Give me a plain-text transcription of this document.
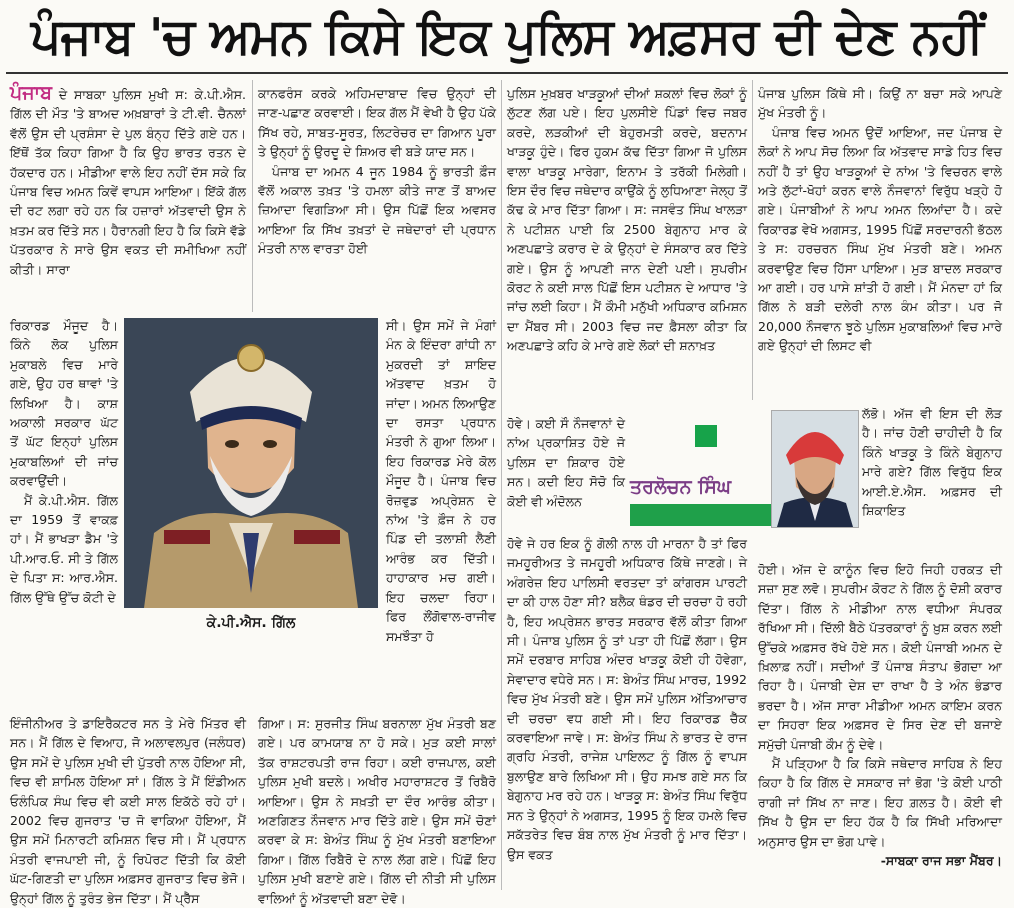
ਪੰਜਾਬ 'ਚ ਅਮਨ ਕਿਸੇ ਇਕ ਪੁਲਿਸ ਅਫ਼ਸਰ ਦੀ ਦੇਣ ਨਹੀਂ

ਪੰਜਾਬ ਦੇ ਸਾਬਕਾ ਪੁਲਿਸ ਮੁਖੀ ਸ: ਕੇ.ਪੀ.ਐਸ. ਗਿੱਲ ਦੀ ਮੌਤ 'ਤੇ ਬਾਅਦ ਅਖ਼ਬਾਰਾਂ ਤੇ ਟੀ.ਵੀ. ਚੈਨਲਾਂ ਵੱਲੋਂ ਉਸ ਦੀ ਪ੍ਰਸ਼ੰਸਾ ਦੇ ਪੁਲ ਬੰਨ੍ਹ ਦਿੱਤੇ ਗਏ ਹਨ। ਇੱਥੋਂ ਤੱਕ ਕਿਹਾ ਗਿਆ ਹੈ ਕਿ ਉਹ ਭਾਰਤ ਰਤਨ ਦੇ ਹੱਕਦਾਰ ਹਨ। ਮੀਡੀਆ ਵਾਲੇ ਇਹ ਨਹੀਂ ਦੱਸ ਸਕੇ ਕਿ ਪੰਜਾਬ ਵਿਚ ਅਮਨ ਕਿਵੇਂ ਵਾਪਸ ਆਇਆ। ਇੱਕੋ ਗੱਲ ਦੀ ਰਟ ਲਗਾ ਰਹੇ ਹਨ ਕਿ ਹਜ਼ਾਰਾਂ ਅੱਤਵਾਦੀ ਉਸ ਨੇ ਖ਼ਤਮ ਕਰ ਦਿੱਤੇ ਸਨ। ਹੈਰਾਨਗੀ ਇਹ ਹੈ ਕਿ ਕਿਸੇ ਵੱਡੇ ਪੱਤਰਕਾਰ ਨੇ ਸਾਰੇ ਉਸ ਵਕਤ ਦੀ ਸਮੀਖਿਆ ਨਹੀਂ ਕੀਤੀ। ਸਾਰਾ

ਰਿਕਾਰਡ ਮੌਜੂਦ ਹੈ। ਕਿੰਨੇ ਲੋਕ ਪੁਲਿਸ ਮੁਕਾਬਲੇ ਵਿਚ ਮਾਰੇ ਗਏ, ਉਹ ਹਰ ਥਾਵਾਂ 'ਤੇ ਲਿਖਿਆ ਹੈ। ਕਾਸ਼ ਅਕਾਲੀ ਸਰਕਾਰ ਘੱਟ ਤੋਂ ਘੱਟ ਇਨ੍ਹਾਂ ਪੁਲਿਸ ਮੁਕਾਬਲਿਆਂ ਦੀ ਜਾਂਚ ਕਰਵਾਉਂਦੀ।

ਮੈਂ ਕੇ.ਪੀ.ਐਸ. ਗਿੱਲ ਦਾ 1959 ਤੋਂ ਵਾਕਫ਼ ਹਾਂ। ਮੈਂ ਭਾਖੜਾ ਡੈਮ 'ਤੇ ਪੀ.ਆਰ.ਓ. ਸੀ ਤੇ ਗਿੱਲ ਦੇ ਪਿਤਾ ਸ: ਆਰ.ਐਸ. ਗਿੱਲ ਉੱਥੇ ਉੱਚ ਕੋਟੀ ਦੇ

ਇੰਜੀਨੀਅਰ ਤੇ ਡਾਇਰੈਕਟਰ ਸਨ ਤੇ ਮੇਰੇ ਮਿੱਤਰ ਵੀ ਸਨ। ਮੈਂ ਗਿੱਲ ਦੇ ਵਿਆਹ, ਜੋ ਅਲਾਵਲਪੁਰ (ਜਲੰਧਰ) ਉਸ ਸਮੇਂ ਦੇ ਪੁਲਿਸ ਮੁਖੀ ਦੀ ਪੁੱਤਰੀ ਨਾਲ ਹੋਇਆ ਸੀ, ਵਿਚ ਵੀ ਸ਼ਾਮਿਲ ਹੋਇਆ ਸਾਂ। ਗਿੱਲ ਤੇ ਮੈਂ ਇੰਡੀਅਨ ਓਲੰਪਿਕ ਸੰਘ ਵਿਚ ਵੀ ਕਈ ਸਾਲ ਇਕੱਠੇ ਰਹੇ ਹਾਂ। 2002 ਵਿਚ ਗੁਜਰਾਤ 'ਚ ਜੋ ਵਾਕਿਆ ਹੋਇਆ, ਮੈਂ ਉਸ ਸਮੇਂ ਮਿਨਾਰਟੀ ਕਮਿਸ਼ਨ ਵਿਚ ਸੀ। ਮੈਂ ਪ੍ਰਧਾਨ ਮੰਤਰੀ ਵਾਜਪਾਈ ਜੀ, ਨੂੰ ਰਿਪੋਰਟ ਦਿੱਤੀ ਕਿ ਕੋਈ ਘੱਟ-ਗਿਣਤੀ ਦਾ ਪੁਲਿਸ ਅਫ਼ਸਰ ਗੁਜਰਾਤ ਵਿਚ ਭੇਜੋ। ਉਨ੍ਹਾਂ ਗਿੱਲ ਨੂੰ ਤੁਰੰਤ ਭੇਜ ਦਿੱਤਾ। ਮੈਂ ਪ੍ਰੈੱਸ

ਕਾਨਫਰੰਸ ਕਰਕੇ ਅਹਿਮਦਾਬਾਦ ਵਿਚ ਉਨ੍ਹਾਂ ਦੀ ਜਾਣ-ਪਛਾਣ ਕਰਵਾਈ। ਇਕ ਗੱਲ ਮੈਂ ਵੇਖੀ ਹੈ ਉਹ ਪੱਕੇ ਸਿੱਖ ਰਹੇ, ਸਾਬਤ-ਸੂਰਤ, ਲਿਟਰੇਚਰ ਦਾ ਗਿਆਨ ਪੂਰਾ ਤੇ ਉਨ੍ਹਾਂ ਨੂੰ ਉਰਦੂ ਦੇ ਸ਼ਿਅਰ ਵੀ ਬੜੇ ਯਾਦ ਸਨ।

ਪੰਜਾਬ ਦਾ ਅਮਨ 4 ਜੂਨ 1984 ਨੂੰ ਭਾਰਤੀ ਫ਼ੌਜ ਵੱਲੋਂ ਅਕਾਲ ਤਖ਼ਤ 'ਤੇ ਹਮਲਾ ਕੀਤੇ ਜਾਣ ਤੋਂ ਬਾਅਦ ਜ਼ਿਆਦਾ ਵਿਗੜਿਆ ਸੀ। ਉਸ ਪਿੱਛੋਂ ਇਕ ਅਵਸਰ ਆਇਆ ਕਿ ਸਿੱਖ ਤਖ਼ਤਾਂ ਦੇ ਜਥੇਦਾਰਾਂ ਦੀ ਪ੍ਰਧਾਨ ਮੰਤਰੀ ਨਾਲ ਵਾਰਤਾ ਹੋਈ

ਸੀ। ਉਸ ਸਮੇਂ ਜੇ ਮੰਗਾਂ ਮੰਨ ਕੇ ਇੰਦਰਾ ਗਾਂਧੀ ਨਾ ਮੁਕਰਦੀ ਤਾਂ ਸ਼ਾਇਦ ਅੱਤਵਾਦ ਖ਼ਤਮ ਹੋ ਜਾਂਦਾ। ਅਮਨ ਲਿਆਉਣ ਦਾ ਰਸਤਾ ਪ੍ਰਧਾਨ ਮੰਤਰੀ ਨੇ ਗੁਆ ਲਿਆ। ਇਹ ਰਿਕਾਰਡ ਮੇਰੇ ਕੋਲ ਮੌਜੂਦ ਹੈ। ਪੰਜਾਬ ਵਿਚ ਰੋਜ਼ਵੁਡ ਅਪ੍ਰੇਸ਼ਨ ਦੇ ਨਾਂਅ 'ਤੇ ਫ਼ੌਜ ਨੇ ਹਰ ਪਿੰਡ ਦੀ ਤਲਾਸ਼ੀ ਲੈਣੀ ਆਰੰਭ ਕਰ ਦਿੱਤੀ। ਹਾਹਾਕਾਰ ਮਚ ਗਈ। ਇਹ ਚਲਦਾ ਰਿਹਾ। ਫਿਰ ਲੌਂਗੋਵਾਲ-ਰਾਜੀਵ ਸਮਝੌਤਾ ਹੋ

ਗਿਆ। ਸ: ਸੁਰਜੀਤ ਸਿੰਘ ਬਰਨਾਲਾ ਮੁੱਖ ਮੰਤਰੀ ਬਣ ਗਏ। ਪਰ ਕਾਮਯਾਬ ਨਾ ਹੋ ਸਕੇ। ਮੁੜ ਕਈ ਸਾਲਾਂ ਤੱਕ ਰਾਸ਼ਟਰਪਤੀ ਰਾਜ ਰਿਹਾ। ਕਈ ਰਾਜਪਾਲ, ਕਈ ਪੁਲਿਸ ਮੁਖੀ ਬਦਲੇ। ਅਖੀਰ ਮਹਾਰਾਸ਼ਟਰ ਤੋਂ ਰਿਬੈਰੋ ਆਇਆ। ਉਸ ਨੇ ਸਖ਼ਤੀ ਦਾ ਦੌਰ ਆਰੰਭ ਕੀਤਾ। ਅਣਗਿਣਤ ਨੌਜਵਾਨ ਮਾਰ ਦਿੱਤੇ ਗਏ। ਉਸ ਸਮੇਂ ਚੋਣਾਂ ਕਰਵਾ ਕੇ ਸ: ਬੇਅੰਤ ਸਿੰਘ ਨੂੰ ਮੁੱਖ ਮੰਤਰੀ ਬਣਾਇਆ ਗਿਆ। ਗਿੱਲ ਰਿਬੈਰੋ ਦੇ ਨਾਲ ਲੱਗ ਗਏ। ਪਿੱਛੋਂ ਇਹ ਪੁਲਿਸ ਮੁਖੀ ਬਣਾਏ ਗਏ। ਗਿੱਲ ਦੀ ਨੀਤੀ ਸੀ ਪੁਲਿਸ ਵਾਲਿਆਂ ਨੂੰ ਅੱਤਵਾਦੀ ਬਣਾ ਦੇਵੋ।

ਕੇ.ਪੀ.ਐਸ. ਗਿੱਲ

ਪੁਲਿਸ ਮੁਖ਼ਬਰ ਖਾੜਕੂਆਂ ਦੀਆਂ ਸ਼ਕਲਾਂ ਵਿਚ ਲੋਕਾਂ ਨੂੰ ਲੁੱਟਣ ਲੱਗ ਪਏ। ਇਹ ਪੁਲਸੀਏ ਪਿੰਡਾਂ ਵਿਚ ਜਬਰ ਕਰਦੇ, ਲੜਕੀਆਂ ਦੀ ਬੇਹੁਰਮਤੀ ਕਰਦੇ, ਬਦਨਾਮ ਖਾੜਕੂ ਹੁੰਦੇ। ਫਿਰ ਹੁਕਮ ਕੱਢ ਦਿੱਤਾ ਗਿਆ ਜੋ ਪੁਲਿਸ ਵਾਲਾ ਖਾੜਕੂ ਮਾਰੇਗਾ, ਇਨਾਮ ਤੇ ਤਰੱਕੀ ਮਿਲੇਗੀ। ਇਸ ਦੌਰ ਵਿਚ ਜਥੇਦਾਰ ਕਾਉਂਕੇ ਨੂੰ ਲੁਧਿਆਣਾ ਜੇਲ੍ਹ ਤੋਂ ਕੱਢ ਕੇ ਮਾਰ ਦਿੱਤਾ ਗਿਆ। ਸ: ਜਸਵੰਤ ਸਿੰਘ ਖਾਲੜਾ ਨੇ ਪਟੀਸ਼ਨ ਪਾਈ ਕਿ 2500 ਬੇਗੁਨਾਹ ਮਾਰ ਕੇ ਅਣਪਛਾਤੇ ਕਰਾਰ ਦੇ ਕੇ ਉਨ੍ਹਾਂ ਦੇ ਸੰਸਕਾਰ ਕਰ ਦਿੱਤੇ ਗਏ। ਉਸ ਨੂੰ ਆਪਣੀ ਜਾਨ ਦੇਣੀ ਪਈ। ਸੁਪਰੀਮ ਕੋਰਟ ਨੇ ਕਈ ਸਾਲ ਪਿੱਛੋਂ ਇਸ ਪਟੀਸ਼ਨ ਦੇ ਆਧਾਰ 'ਤੇ ਜਾਂਚ ਲਈ ਕਿਹਾ। ਮੈਂ ਕੌਮੀ ਮਨੁੱਖੀ ਅਧਿਕਾਰ ਕਮਿਸ਼ਨ ਦਾ ਮੈਂਬਰ ਸੀ। 2003 ਵਿਚ ਜਦ ਫ਼ੈਸਲਾ ਕੀਤਾ ਕਿ ਅਣਪਛਾਤੇ ਕਹਿ ਕੇ ਮਾਰੇ ਗਏ ਲੋਕਾਂ ਦੀ ਸ਼ਨਾਖ਼ਤ

ਹੋਵੇ। ਕਈ ਸੌ ਨੌਜਵਾਨਾਂ ਦੇ ਨਾਂਅ ਪ੍ਰਕਾਸ਼ਿਤ ਹੋਏ ਜੋ ਪੁਲਿਸ ਦਾ ਸ਼ਿਕਾਰ ਹੋਏ ਸਨ। ਕਦੀ ਇਹ ਸੋਚੋ ਕਿ ਕੋਈ ਵੀ ਅੰਦੋਲਨ

ਹੋਵੇ ਜੇ ਹਰ ਇਕ ਨੂੰ ਗੋਲੀ ਨਾਲ ਹੀ ਮਾਰਨਾ ਹੈ ਤਾਂ ਫਿਰ ਜਮਹੂਰੀਅਤ ਤੇ ਜਮਹੂਰੀ ਅਧਿਕਾਰ ਕਿੱਥੇ ਜਾਣਗੇ। ਜੇ ਅੰਗਰੇਜ਼ ਇਹ ਪਾਲਿਸੀ ਵਰਤਦਾ ਤਾਂ ਕਾਂਗਰਸ ਪਾਰਟੀ ਦਾ ਕੀ ਹਾਲ ਹੋਣਾ ਸੀ? ਬਲੈਕ ਥੰਡਰ ਦੀ ਚਰਚਾ ਹੋ ਰਹੀ ਹੈ, ਇਹ ਅਪ੍ਰੇਸ਼ਨ ਭਾਰਤ ਸਰਕਾਰ ਵੱਲੋਂ ਕੀਤਾ ਗਿਆ ਸੀ। ਪੰਜਾਬ ਪੁਲਿਸ ਨੂੰ ਤਾਂ ਪਤਾ ਹੀ ਪਿੱਛੋਂ ਲੱਗਾ। ਉਸ ਸਮੇਂ ਦਰਬਾਰ ਸਾਹਿਬ ਅੰਦਰ ਖਾੜਕੂ ਕੋਈ ਹੀ ਹੋਵੇਗਾ, ਸੇਵਾਦਾਰ ਵਧੇਰੇ ਸਨ। ਸ: ਬੇਅੰਤ ਸਿੰਘ ਮਾਰਚ, 1992 ਵਿਚ ਮੁੱਖ ਮੰਤਰੀ ਬਣੇ। ਉਸ ਸਮੇਂ ਪੁਲਿਸ ਅੱਤਿਆਚਾਰ ਦੀ ਚਰਚਾ ਵਧ ਗਈ ਸੀ। ਇਹ ਰਿਕਾਰਡ ਚੈੱਕ ਕਰਵਾਇਆ ਜਾਵੇ। ਸ: ਬੇਅੰਤ ਸਿੰਘ ਨੇ ਭਾਰਤ ਦੇ ਰਾਜ ਗ੍ਰਹਿ ਮੰਤਰੀ, ਰਾਜੇਸ਼ ਪਾਇਲਟ ਨੂੰ ਗਿੱਲ ਨੂੰ ਵਾਪਸ ਬੁਲਾਉਣ ਬਾਰੇ ਲਿਖਿਆ ਸੀ। ਉਹ ਸਮਝ ਗਏ ਸਨ ਕਿ ਬੇਗੁਨਾਹ ਮਰ ਰਹੇ ਹਨ। ਖਾੜਕੂ ਸ: ਬੇਅੰਤ ਸਿੰਘ ਵਿਰੁੱਧ ਸਨ ਤੇ ਉਨ੍ਹਾਂ ਨੇ ਅਗਸਤ, 1995 ਨੂੰ ਇਕ ਹਮਲੇ ਵਿਚ ਸਕੱਤਰੇਤ ਵਿਚ ਬੰਬ ਨਾਲ ਮੁੱਖ ਮੰਤਰੀ ਨੂੰ ਮਾਰ ਦਿੱਤਾ। ਉਸ ਵਕਤ

ਤਰਲੋਚਨ ਸਿੰਘ

ਪੰਜਾਬ ਪੁਲਿਸ ਕਿੱਥੇ ਸੀ। ਕਿਉਂ ਨਾ ਬਚਾ ਸਕੇ ਆਪਣੇ ਮੁੱਖ ਮੰਤਰੀ ਨੂੰ।

ਪੰਜਾਬ ਵਿਚ ਅਮਨ ਉਦੋਂ ਆਇਆ, ਜਦ ਪੰਜਾਬ ਦੇ ਲੋਕਾਂ ਨੇ ਆਪ ਸੋਚ ਲਿਆ ਕਿ ਅੱਤਵਾਦ ਸਾਡੇ ਹਿਤ ਵਿਚ ਨਹੀਂ ਹੈ ਤਾਂ ਉਹ ਖਾੜਕੂਆਂ ਦੇ ਨਾਂਅ 'ਤੇ ਵਿਚਰਨ ਵਾਲੇ ਅਤੇ ਲੁੱਟਾਂ-ਖੋਹਾਂ ਕਰਨ ਵਾਲੇ ਨੌਜਵਾਨਾਂ ਵਿਰੁੱਧ ਖੜ੍ਹੇ ਹੋ ਗਏ। ਪੰਜਾਬੀਆਂ ਨੇ ਆਪ ਅਮਨ ਲਿਆਂਦਾ ਹੈ। ਕਦੇ ਰਿਕਾਰਡ ਵੇਖੋ ਅਗਸਤ, 1995 ਪਿੱਛੋਂ ਸਰਦਾਰਨੀ ਭੱਠਲ ਤੇ ਸ: ਹਰਚਰਨ ਸਿੰਘ ਮੁੱਖ ਮੰਤਰੀ ਬਣੇ। ਅਮਨ ਕਰਵਾਉਣ ਵਿਚ ਹਿੱਸਾ ਪਾਇਆ। ਮੁੜ ਬਾਦਲ ਸਰਕਾਰ ਆ ਗਈ। ਹਰ ਪਾਸੇ ਸ਼ਾਂਤੀ ਹੋ ਗਈ। ਮੈਂ ਮੰਨਦਾ ਹਾਂ ਕਿ ਗਿੱਲ ਨੇ ਬੜੀ ਦਲੇਰੀ ਨਾਲ ਕੰਮ ਕੀਤਾ। ਪਰ ਜੋ 20,000 ਨੌਜਵਾਨ ਝੂਠੇ ਪੁਲਿਸ ਮੁਕਾਬਲਿਆਂ ਵਿਚ ਮਾਰੇ ਗਏ ਉਨ੍ਹਾਂ ਦੀ ਲਿਸਟ ਵੀ

ਲੱਭੋ। ਅੱਜ ਵੀ ਇਸ ਦੀ ਲੋੜ ਹੈ। ਜਾਂਚ ਹੋਣੀ ਚਾਹੀਦੀ ਹੈ ਕਿ ਕਿੰਨੇ ਖਾੜਕੂ ਤੇ ਕਿੰਨੇ ਬੇਗੁਨਾਹ ਮਾਰੇ ਗਏ? ਗਿੱਲ ਵਿਰੁੱਧ ਇਕ ਆਈ.ਏ.ਐਸ. ਅਫ਼ਸਰ ਦੀ ਸ਼ਿਕਾਇਤ

ਹੋਈ। ਅੱਜ ਦੇ ਕਾਨੂੰਨ ਵਿਚ ਇਹੋ ਜਿਹੀ ਹਰਕਤ ਦੀ ਸਜ਼ਾ ਸੁਣ ਲਵੋ। ਸੁਪਰੀਮ ਕੋਰਟ ਨੇ ਗਿੱਲ ਨੂੰ ਦੋਸ਼ੀ ਕਰਾਰ ਦਿੱਤਾ। ਗਿੱਲ ਨੇ ਮੀਡੀਆ ਨਾਲ ਵਧੀਆ ਸੰਪਰਕ ਰੱਖਿਆ ਸੀ। ਦਿੱਲੀ ਬੈਠੇ ਪੱਤਰਕਾਰਾਂ ਨੂੰ ਖ਼ੁਸ਼ ਕਰਨ ਲਈ ਉੱਚਕੇ ਅਫ਼ਸਰ ਰੱਖੇ ਹੋਏ ਸਨ। ਕੋਈ ਪੰਜਾਬੀ ਅਮਨ ਦੇ ਖ਼ਿਲਾਫ਼ ਨਹੀਂ। ਸਦੀਆਂ ਤੋਂ ਪੰਜਾਬ ਸੰਤਾਪ ਭੋਗਦਾ ਆ ਰਿਹਾ ਹੈ। ਪੰਜਾਬੀ ਦੇਸ਼ ਦਾ ਰਾਖਾ ਹੈ ਤੇ ਅੰਨ ਭੰਡਾਰ ਭਰਦਾ ਹੈ। ਅੱਜ ਸਾਰਾ ਮੀਡੀਆ ਅਮਨ ਕਾਇਮ ਕਰਨ ਦਾ ਸਿਹਰਾ ਇਕ ਅਫ਼ਸਰ ਦੇ ਸਿਰ ਦੇਣ ਦੀ ਬਜਾਏ ਸਮੁੱਚੀ ਪੰਜਾਬੀ ਕੌਮ ਨੂੰ ਦੇਵੇ।

ਮੈਂ ਪੜ੍ਹਿਆ ਹੈ ਕਿ ਕਿਸੇ ਜਥੇਦਾਰ ਸਾਹਿਬ ਨੇ ਇਹ ਕਿਹਾ ਹੈ ਕਿ ਗਿੱਲ ਦੇ ਸਸਕਾਰ ਜਾਂ ਭੋਗ 'ਤੇ ਕੋਈ ਪਾਠੀ ਰਾਗੀ ਜਾਂ ਸਿੱਖ ਨਾ ਜਾਣ। ਇਹ ਗ਼ਲਤ ਹੈ। ਕੋਈ ਵੀ ਸਿੱਖ ਹੈ ਉਸ ਦਾ ਇਹ ਹੱਕ ਹੈ ਕਿ ਸਿੱਖੀ ਮਰਿਆਦਾ ਅਨੁਸਾਰ ਉਸ ਦਾ ਭੋਗ ਪਾਵੇ।

-ਸਾਬਕਾ ਰਾਜ ਸਭਾ ਮੈਂਬਰ।
